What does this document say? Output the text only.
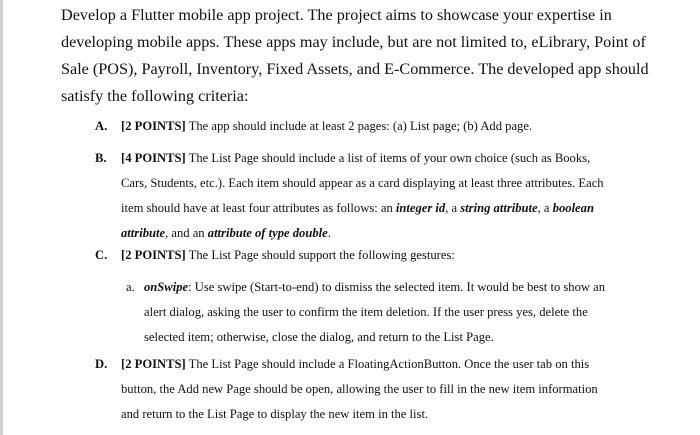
Develop a Flutter mobile app project. The project aims to showcase your expertise in
developing mobile apps. These apps may include, but are not limited to, eLibrary, Point of
Sale (POS), Payroll, Inventory, Fixed Assets, and E-Commerce. The developed app should
satisfy the following criteria:

A. [2 POINTS] The app should include at least 2 pages: (a) List page; (b) Add page.
B. [4 POINTS] The List Page should include a list of items of your own choice (such as Books,
Cars, Students, etc.). Each item should appear as a card displaying at least three attributes. Each
item should have at least four attributes as follows: an integer id, a string attribute, a boolean
attribute, and an attribute of type double.
C. [2 POINTS] The List Page should support the following gestures:
a. onSwipe: Use swipe (Start-to-end) to dismiss the selected item. It would be best to show an
alert dialog, asking the user to confirm the item deletion. If the user press yes, delete the
selected item; otherwise, close the dialog, and return to the List Page.
D. [2 POINTS] The List Page should include a FloatingActionButton. Once the user tab on this
button, the Add new Page should be open, allowing the user to fill in the new item information
and return to the List Page to display the new item in the list.
